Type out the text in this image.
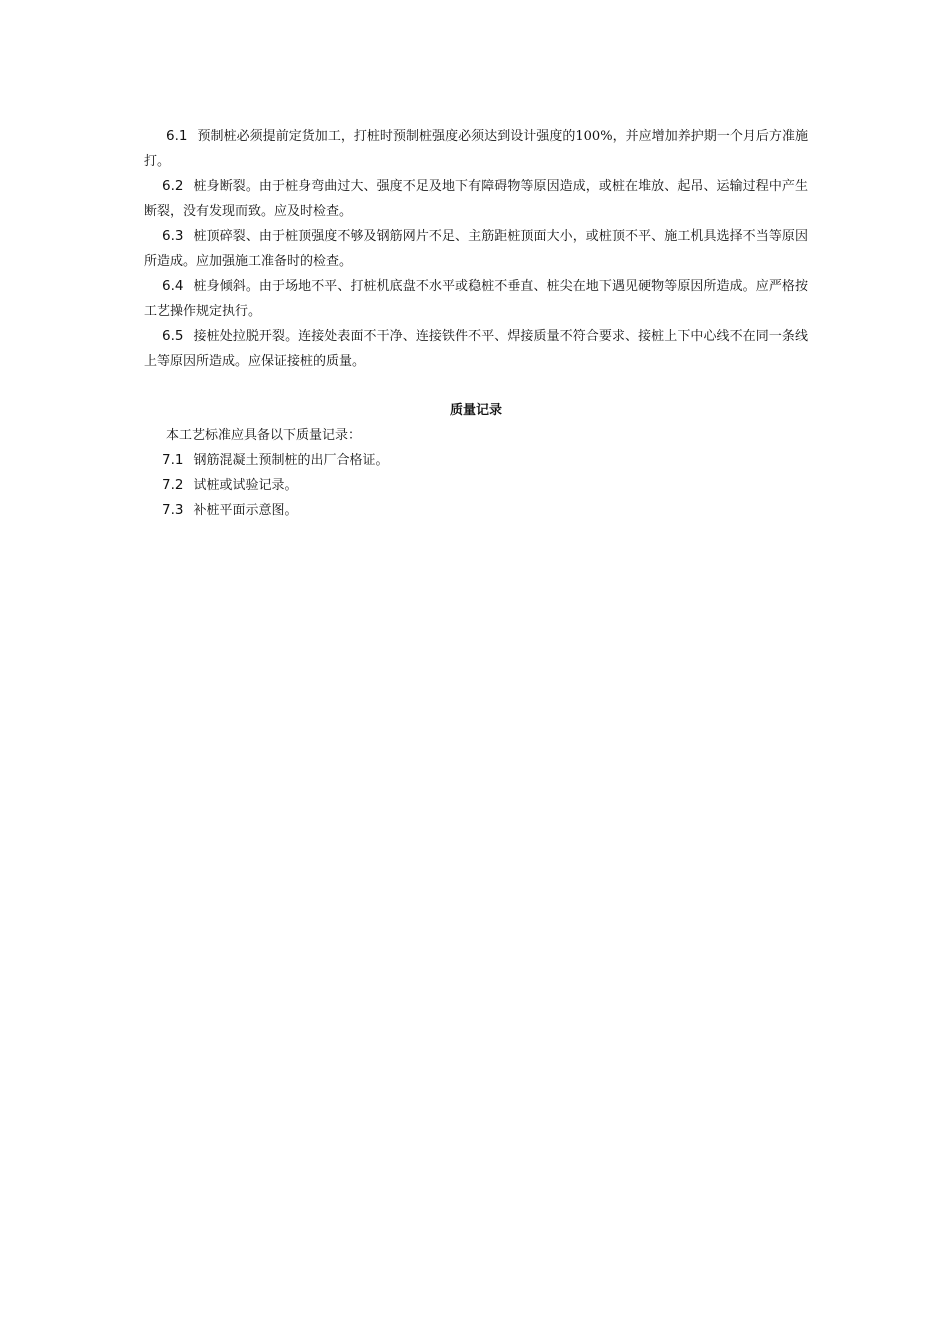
6.1 预制桩必须提前定货加工，打桩时预制桩强度必须达到设计强度的100%，并应增加养护期一个月后方准施打。

6.2 桩身断裂。由于桩身弯曲过大、强度不足及地下有障碍物等原因造成，或桩在堆放、起吊、运输过程中产生断裂，没有发现而致。应及时检查。

6.3 桩顶碎裂、由于桩顶强度不够及钢筋网片不足、主筋距桩顶面大小，或桩顶不平、施工机具选择不当等原因所造成。应加强施工准备时的检查。

6.4 桩身倾斜。由于场地不平、打桩机底盘不水平或稳桩不垂直、桩尖在地下遇见硬物等原因所造成。应严格按工艺操作规定执行。

6.5 接桩处拉脱开裂。连接处表面不干净、连接铁件不平、焊接质量不符合要求、接桩上下中心线不在同一条线上等原因所造成。应保证接桩的质量。

质量记录

本工艺标准应具备以下质量记录：

7.1 钢筋混凝土预制桩的出厂合格证。

7.2 试桩或试验记录。

7.3 补桩平面示意图。
